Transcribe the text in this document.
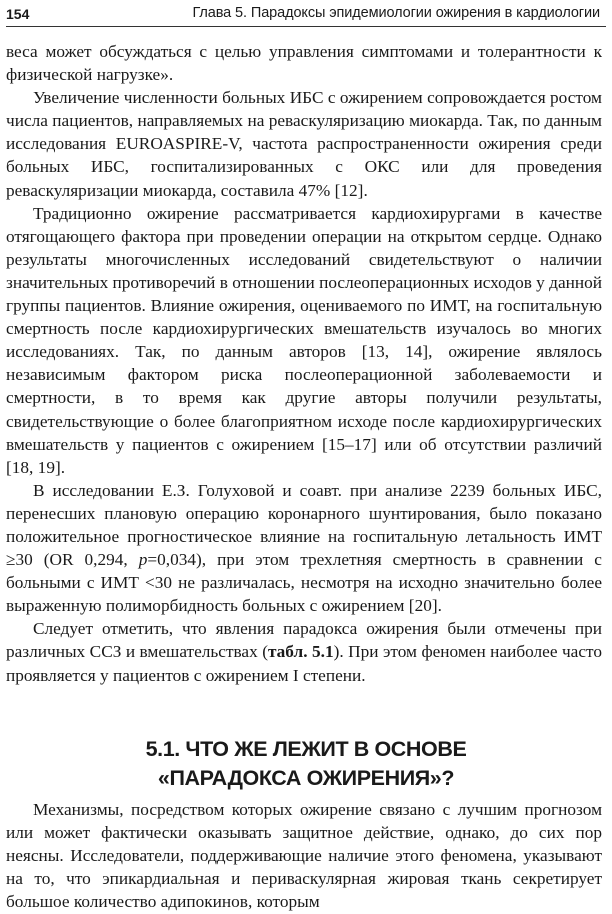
154	Глава 5. Парадоксы эпидемиологии ожирения в кардиологии

веса может обсуждаться с целью управления симптомами и толерантности к физической нагрузке».

Увеличение численности больных ИБС с ожирением сопровождается ростом числа пациентов, направляемых на реваскуляризацию миокарда. Так, по данным исследования EUROASPIRE-V, частота распространенности ожирения среди больных ИБС, госпитализированных с ОКС или для проведения реваскуляризации миокарда, составила 47% [12].

Традиционно ожирение рассматривается кардиохирургами в качестве отягощающего фактора при проведении операции на открытом сердце. Однако результаты многочисленных исследований свидетельствуют о наличии значительных противоречий в отношении послеоперационных исходов у данной группы пациентов. Влияние ожирения, оцениваемого по ИМТ, на госпитальную смертность после кардиохирургических вмешательств изучалось во многих исследованиях. Так, по данным авторов [13, 14], ожирение являлось независимым фактором риска послеоперационной заболеваемости и смертности, в то время как другие авторы получили результаты, свидетельствующие о более благоприятном исходе после кардиохирургических вмешательств у пациентов с ожирением [15–17] или об отсутствии различий [18, 19].

В исследовании Е.З. Голуховой и соавт. при анализе 2239 больных ИБС, перенесших плановую операцию коронарного шунтирования, было показано положительное прогностическое влияние на госпитальную летальность ИМТ ≥30 (OR 0,294, p=0,034), при этом трехлетняя смертность в сравнении с больными с ИМТ <30 не различалась, несмотря на исходно значительно более выраженную полиморбидность больных с ожирением [20].

Следует отметить, что явления парадокса ожирения были отмечены при различных ССЗ и вмешательствах (табл. 5.1). При этом феномен наиболее часто проявляется у пациентов с ожирением I степени.

5.1. ЧТО ЖЕ ЛЕЖИТ В ОСНОВЕ
«ПАРАДОКСА ОЖИРЕНИЯ»?

Механизмы, посредством которых ожирение связано с лучшим прогнозом или может фактически оказывать защитное действие, однако, до сих пор неясны. Исследователи, поддерживающие наличие этого феномена, указывают на то, что эпикардиальная и периваскулярная жировая ткань секретирует большое количество адипокинов, которым
